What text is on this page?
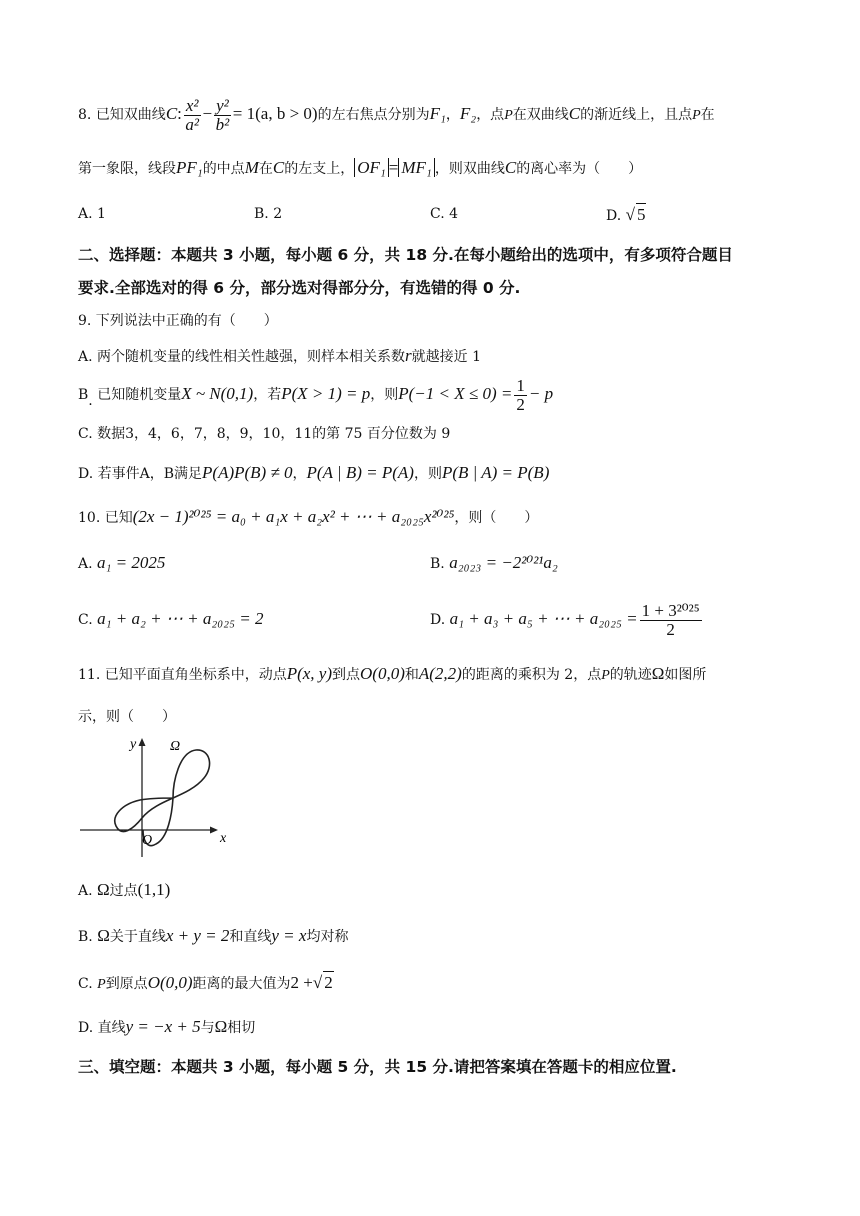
8. 已知双曲线C: $\frac{\text{x²}}{\text{a²}} - \frac{\text{y²}}{\text{b²}} = 1(a$, b > 0)的左右焦点分别为F₁，F₂，点P在双曲线C的渐近线上，且点P在
第一象限，线段PF₁的中点M在C的左支上， OF₁ = MF₁ ，则双曲线C的离心率为（　　）
A. 1	B. 2	C. 4	D. √ 5
二、选择题：本题共 3 小题，每小题 6 分，共 18 分.在每小题给出的选项中，有多项符合题目
要求.全部选对的得 6 分，部分选对得部分分，有选错的得 0 分.
9. 下列说法中正确的有（　　）
A. 两个随机变量的线性相关性越强，则样本相关系数r就越接近 1
B. 已知随机变量X ~ N(0,1)，若P(X > 1) = p，则$P(-1 < X \le 0) = \frac{1}{2} - p$
C. 数据3，4，6，7，8，9，10，11的第 75 百分位数为 9
D. 若事件A，B满足P(A)P(B) ≠ 0，P(A | B) = P(A)，则P(B | A) = P(B)
10. 已知(2x − 1)²⁰²⁵ = a₀ + a₁x + a₂x² + ⋯ + a₂₀₂₅x²⁰²⁵，则（　　）
A. a₁ = 2025	B. a₂₀₂₃ = −2²⁰²¹a₂
C. a₁ + a₂ + ⋯ + a₂₀₂₅ = 2	D. a₁ + a₃ + a₅ + ⋯ + $a_{2025} = \frac{\text{1 + 3²⁰²⁵}}{2}$
11. 已知平面直角坐标系中，动点P(x, y)到点O(0,0)和A(2,2)的距离的乘积为 2，点P的轨迹Ω如图所
示，则（　　）
y
x
O
Ω
A. Ω过点(1,1)
B. Ω关于直线x + y = 2和直线y = x均对称
C. P到原点O(0,0)距离的最大值为2 +√ 2
D. 直线y = −x + 5与Ω相切
三、填空题：本题共 3 小题，每小题 5 分，共 15 分.请把答案填在答题卡的相应位置.
